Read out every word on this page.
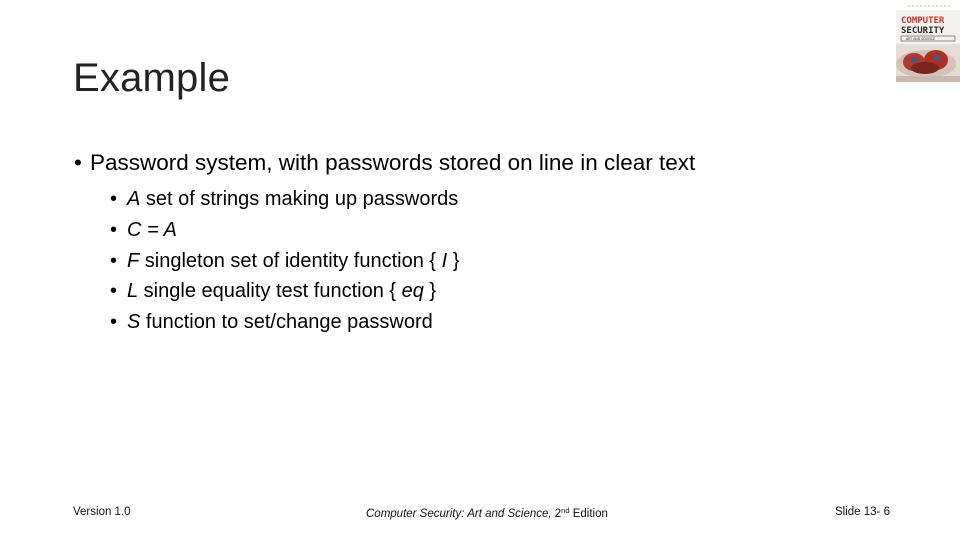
Example
COMPUTER
SECURITY
ART AND SCIENCE
• Password system, with passwords stored on line in clear text
• A set of strings making up passwords
• C = A
• F singleton set of identity function { I }
• L single equality test function { eq }
• S function to set/change password
Version 1.0	Computer Security: Art and Science, 2nd Edition	Slide 13- 6
